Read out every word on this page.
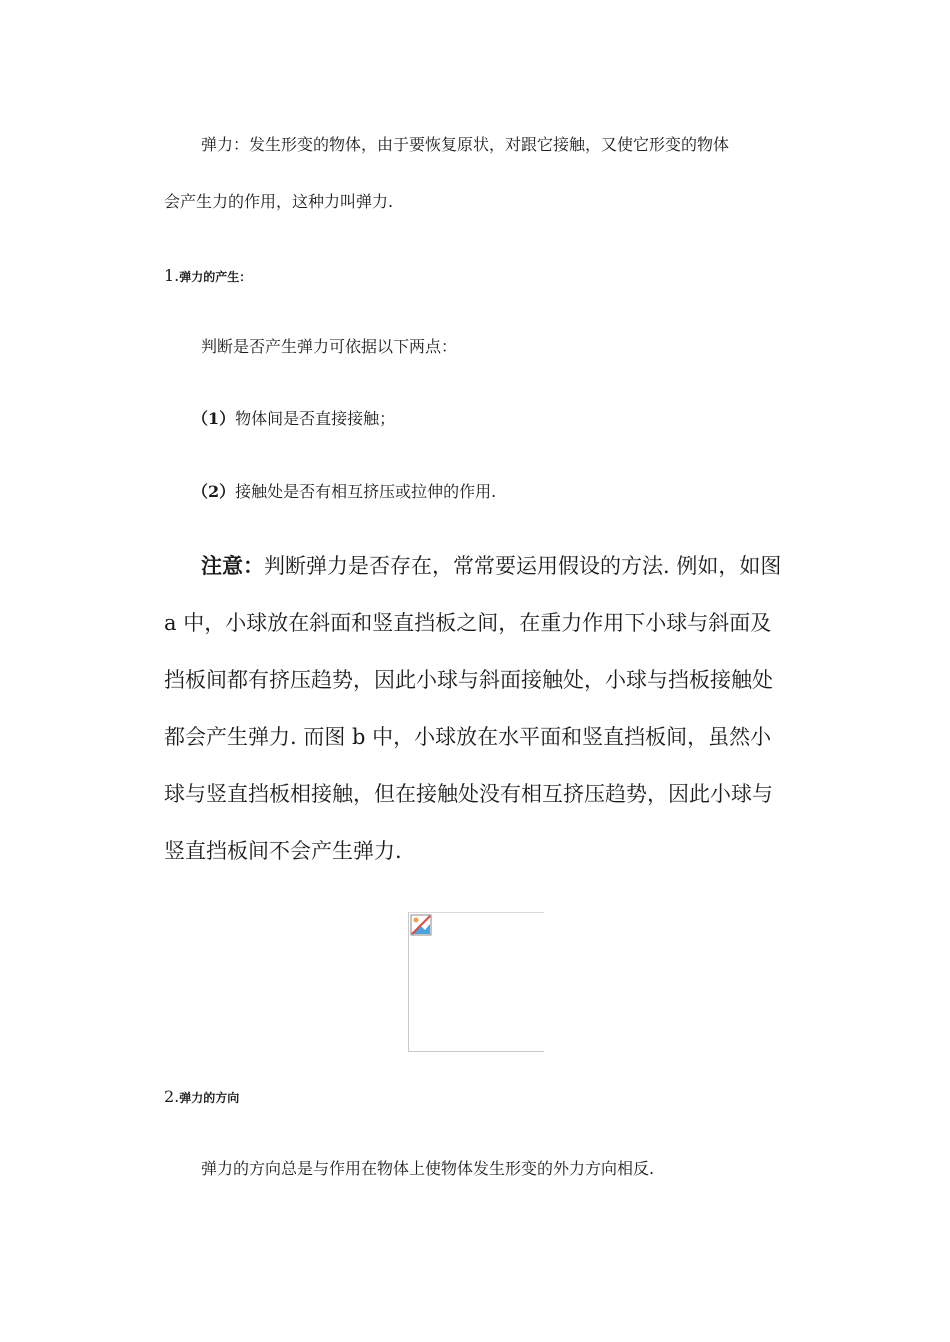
弹力：发生形变的物体，由于要恢复原状，对跟它接触，又使它形变的物体
会产生力的作用，这种力叫弹力.
1.弹力的产生：
判断是否产生弹力可依据以下两点：
（1）物体间是否直接接触；
（2）接触处是否有相互挤压或拉伸的作用.
注意：判断弹力是否存在，常常要运用假设的方法. 例如，如图
a 中，小球放在斜面和竖直挡板之间，在重力作用下小球与斜面及
挡板间都有挤压趋势，因此小球与斜面接触处，小球与挡板接触处
都会产生弹力. 而图 b 中，小球放在水平面和竖直挡板间，虽然小
球与竖直挡板相接触，但在接触处没有相互挤压趋势，因此小球与
竖直挡板间不会产生弹力.
2.弹力的方向
弹力的方向总是与作用在物体上使物体发生形变的外力方向相反.
